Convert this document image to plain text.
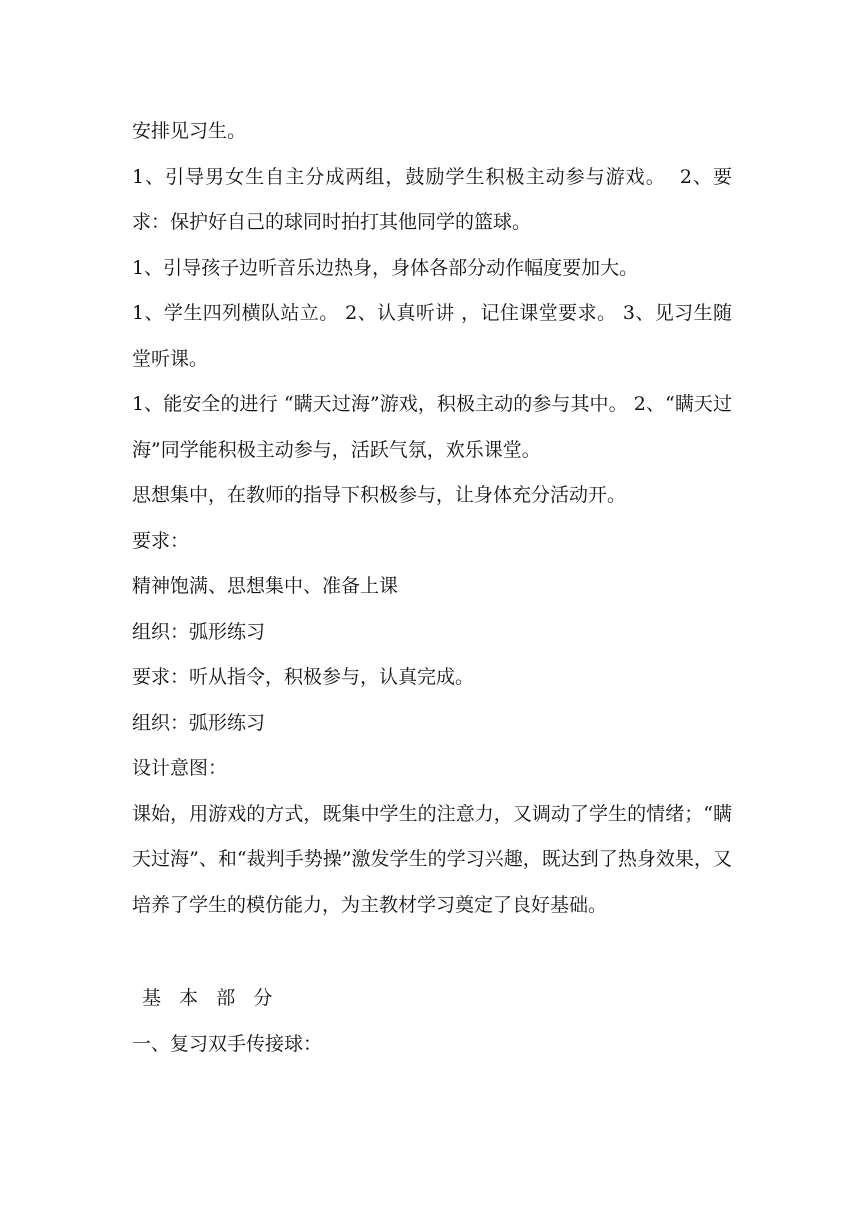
安排见习生。

1、引导男女生自主分成两组，鼓励学生积极主动参与游戏。  2、要求：保护好自己的球同时拍打其他同学的篮球。

1、引导孩子边听音乐边热身，身体各部分动作幅度要加大。

1、学生四列横队站立。 2、认真听讲 ，记住课堂要求。 3、见习生随堂听课。

1、能安全的进行 “瞒天过海”游戏，积极主动的参与其中。 2、“瞒天过海”同学能积极主动参与，活跃气氛，欢乐课堂。

思想集中，在教师的指导下积极参与，让身体充分活动开。

要求：

精神饱满、思想集中、准备上课

组织：弧形练习

要求：听从指令，积极参与，认真完成。

组织：弧形练习

设计意图：

课始，用游戏的方式，既集中学生的注意力，又调动了学生的情绪；“瞒天过海”、和“裁判手势操”激发学生的学习兴趣，既达到了热身效果，又培养了学生的模仿能力，为主教材学习奠定了良好基础。

基   本   部   分

一、复习双手传接球：
